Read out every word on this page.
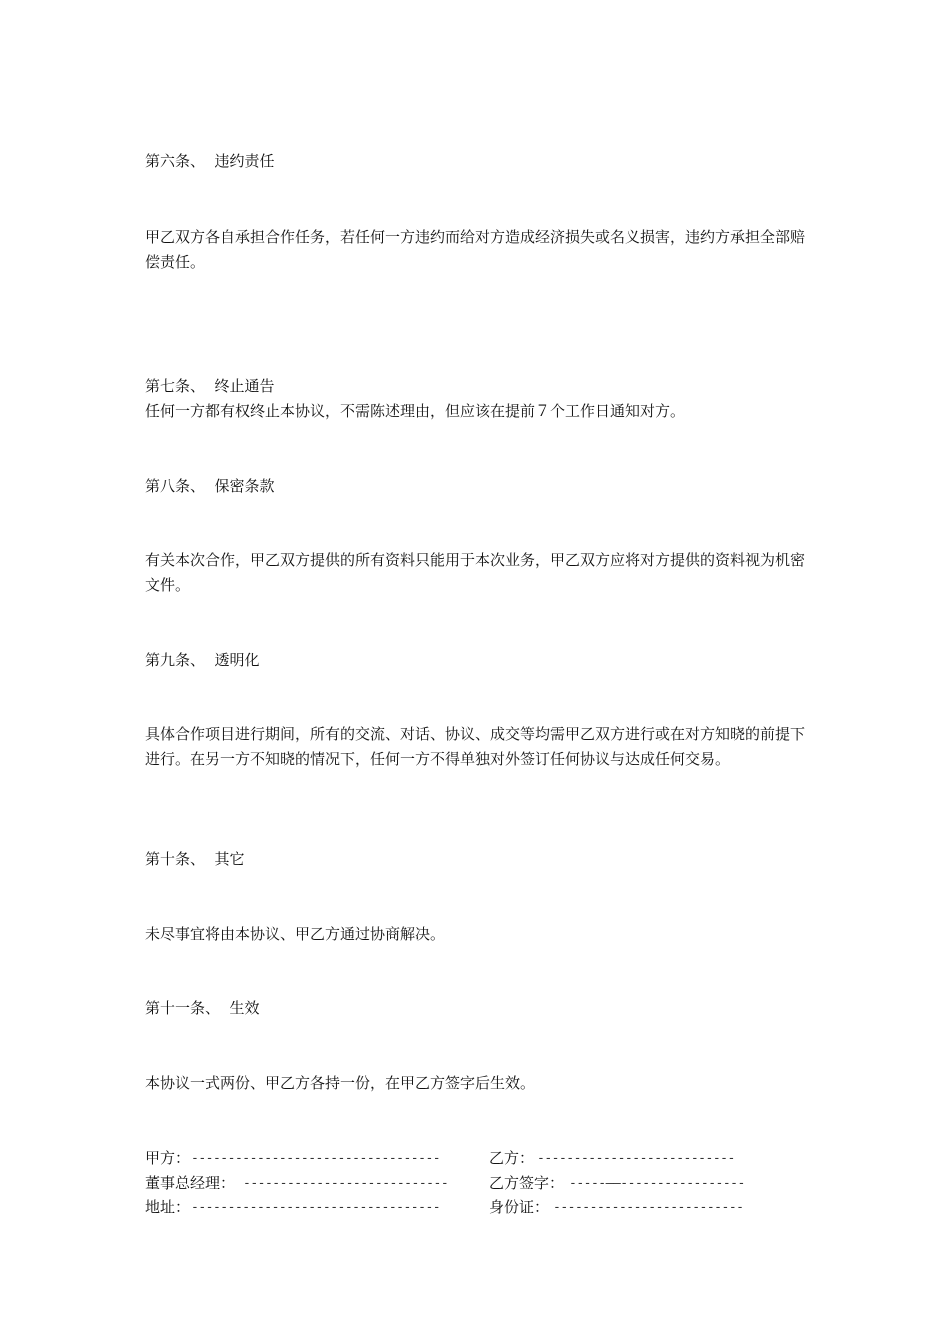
第六条、  违约责任
甲乙双方各自承担合作任务，若任何一方违约而给对方造成经济损失或名义损害，违约方承担全部赔偿责任。
第七条、  终止通告
任何一方都有权终止本协议，不需陈述理由，但应该在提前７个工作日通知对方。
第八条、  保密条款
有关本次合作，甲乙双方提供的所有资料只能用于本次业务，甲乙双方应将对方提供的资料视为机密文件。
第九条、  透明化
具体合作项目进行期间，所有的交流、对话、协议、成交等均需甲乙双方进行或在对方知晓的前提下进行。在另一方不知晓的情况下，任何一方不得单独对外签订任何协议与达成任何交易。
第十条、  其它
未尽事宜将由本协议、甲乙方通过协商解决。
第十一条、  生效
本协议一式两份、甲乙方各持一份，在甲乙方签字后生效。
甲方： ----------------------------------	乙方： ---------------------------
董事总经理： ----------------------------	乙方签字： -----——-----------------
地址： ----------------------------------	身份证： --------------------------
